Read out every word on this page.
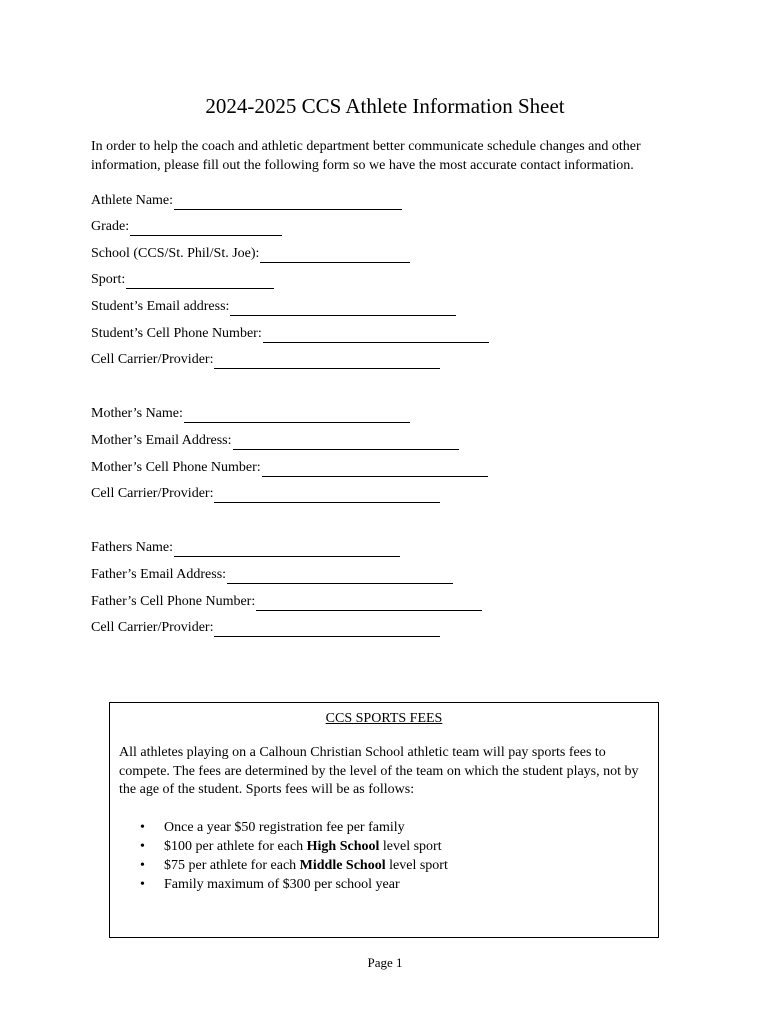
2024-2025 CCS Athlete Information Sheet
In order to help the coach and athletic department better communicate schedule changes and other information, please fill out the following form so we have the most accurate contact information.
Athlete Name:
Grade:
School (CCS/St. Phil/St. Joe):
Sport:
Student’s Email address:
Student’s Cell Phone Number:
Cell Carrier/Provider:
Mother’s Name:
Mother’s Email Address:
Mother’s Cell Phone Number:
Cell Carrier/Provider:
Fathers Name:
Father’s Email Address:
Father’s Cell Phone Number:
Cell Carrier/Provider:
CCS SPORTS FEES
All athletes playing on a Calhoun Christian School athletic team will pay sports fees to compete. The fees are determined by the level of the team on which the student plays, not by the age of the student. Sports fees will be as follows:
• Once a year $50 registration fee per family
• $100 per athlete for each High School level sport
• $75 per athlete for each Middle School level sport
• Family maximum of $300 per school year
Page 1
